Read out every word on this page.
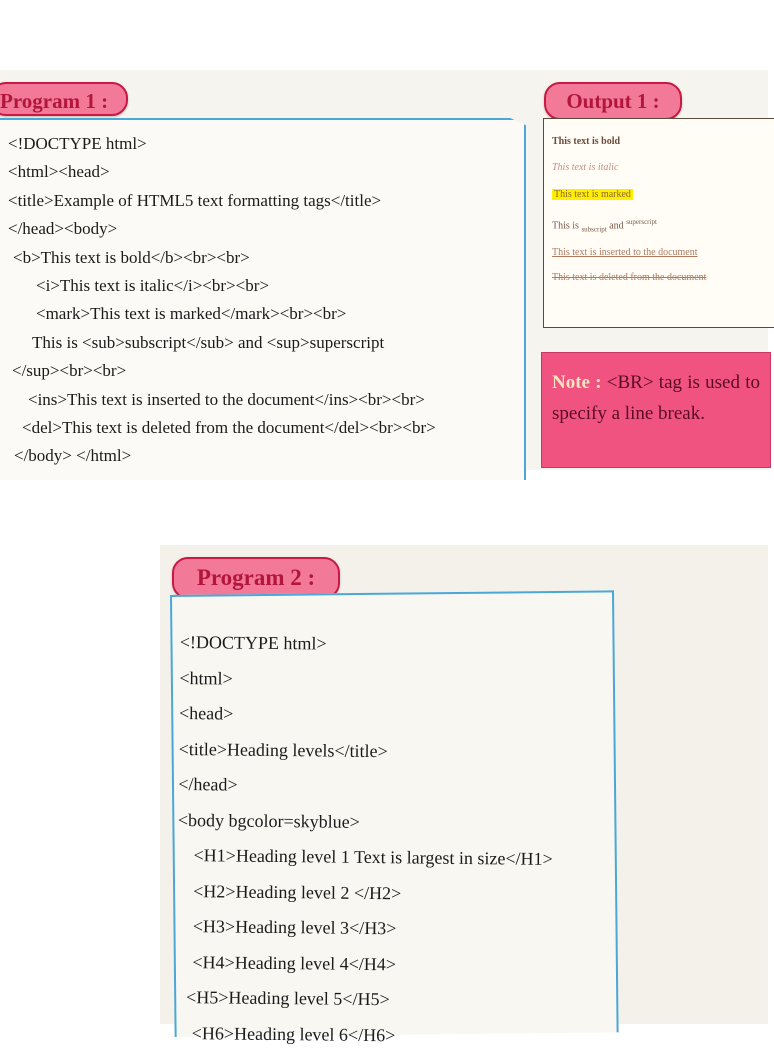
Program 1 :
<!DOCTYPE html>
<html><head>
<title>Example of HTML5 text formatting tags</title>
</head><body>
<b>This text is bold</b><br><br>
<i>This text is italic</i><br><br>
<mark>This text is marked</mark><br><br>
This is <sub>subscript</sub> and <sup>superscript
</sup><br><br>
<ins>This text is inserted to the document</ins><br><br>
<del>This text is deleted from the document</del><br><br>
</body> </html>
Output 1 :
This text is bold
This text is italic
This text is marked
This is $_{subscript}$ and $^{superscript}$
This text is inserted to the document
This text is deleted from the document
Note : <BR> tag is used to specify a line break.
Program 2 :
<!DOCTYPE html>
<html>
<head>
<title>Heading levels</title>
</head>
<body bgcolor=skyblue>
<H1>Heading level 1 Text is largest in size</H1>
<H2>Heading level 2 </H2>
<H3>Heading level 3</H3>
<H4>Heading level 4</H4>
<H5>Heading level 5</H5>
<H6>Heading level 6</H6>
